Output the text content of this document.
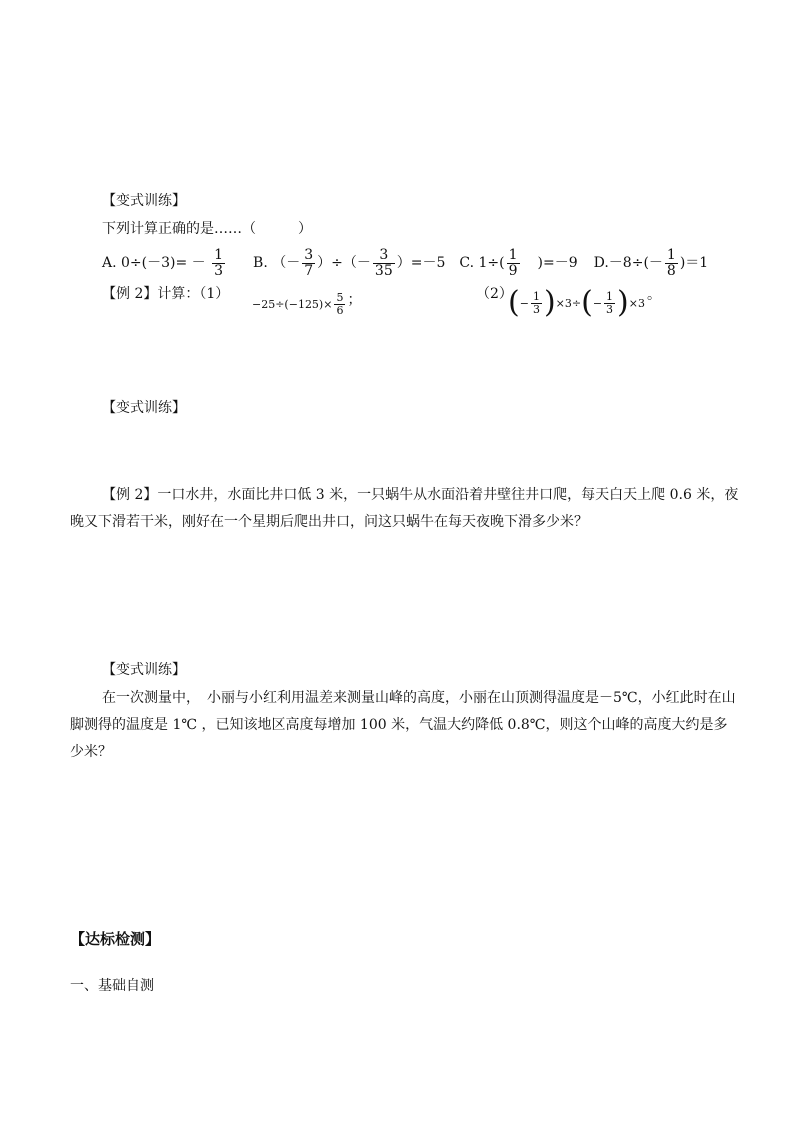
【变式训练】
下列计算正确的是……（　　　）
A. $0\div(-3)= - \frac{1}{3} B$. （－ $\frac{3}{7}$ ）÷（－ $\frac{3}{35} )=-5$ C. $1\div( \frac{1}{9} )=-9$ $D.-8\div(- \frac{1}{8} )=1$
【例 2】计算：（1）
$-25\div(-125)\times \frac{5}{6}$ ；	（2）
( − $\frac{1}{3}$ ) ×3÷ ( − $\frac{1}{3}$ ) ×3 。
【变式训练】
【例 2】一口水井，水面比井口低 3 米，一只蜗牛从水面沿着井壁往井口爬，每天白天上爬 0.6 米，夜晚又下滑若干米，刚好在一个星期后爬出井口，问这只蜗牛在每天夜晚下滑多少米？
【变式训练】
在一次测量中，　小丽与小红利用温差来测量山峰的高度，小丽在山顶测得温度是－5℃，小红此时在山脚测得的温度是 1℃ ，已知该地区高度每增加 100 米，气温大约降低 0.8℃，则这个山峰的高度大约是多少米？
【达标检测】
一、基础自测
